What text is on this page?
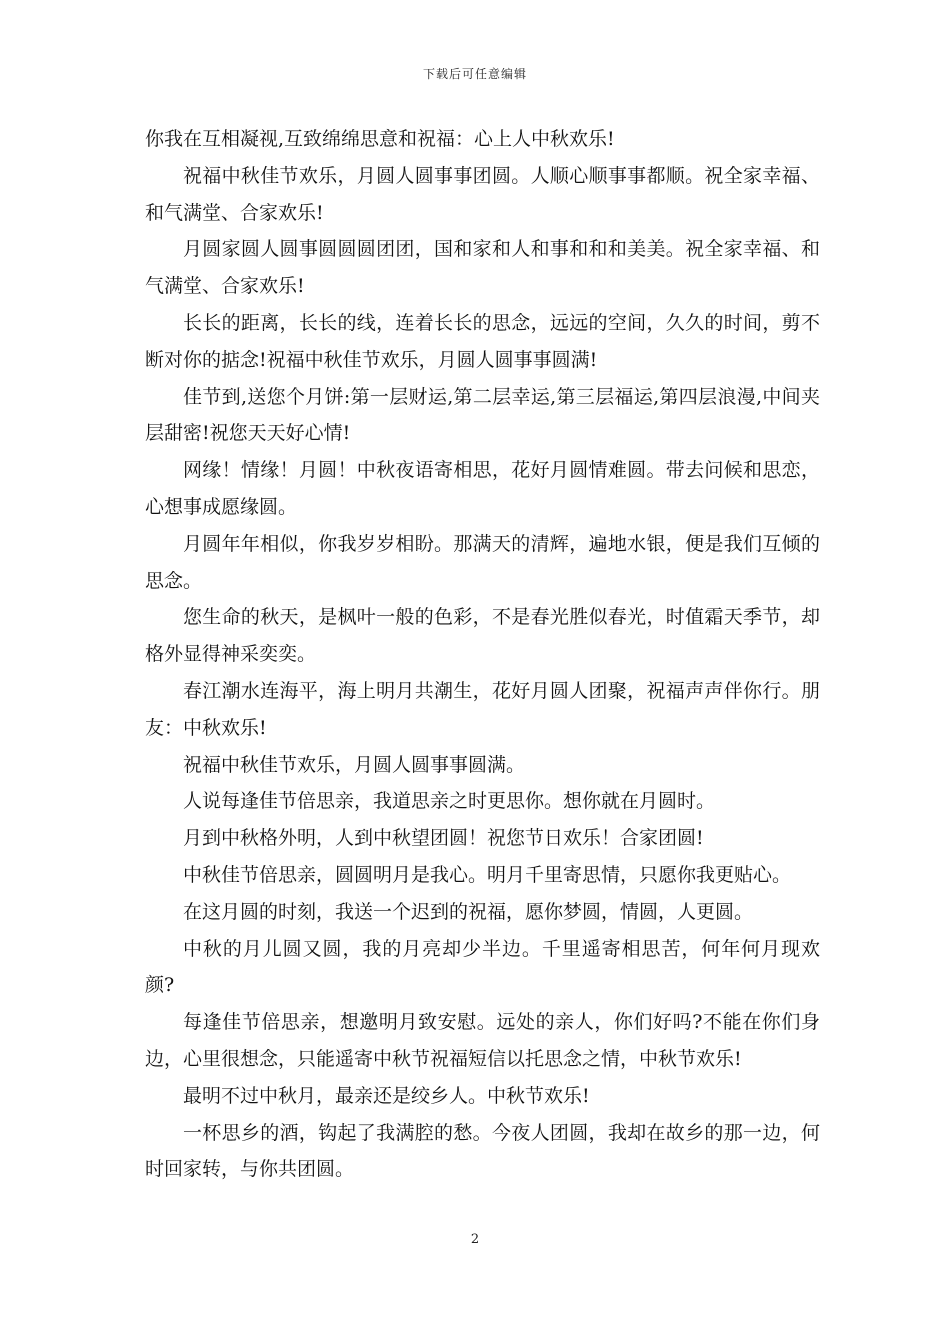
下载后可任意编辑

你我在互相凝视,互致绵绵思意和祝福：心上人中秋欢乐!

祝福中秋佳节欢乐，月圆人圆事事团圆。人顺心顺事事都顺。祝全家幸福、和气满堂、合家欢乐!

月圆家圆人圆事圆圆圆团团，国和家和人和事和和和美美。祝全家幸福、和气满堂、合家欢乐!

长长的距离，长长的线，连着长长的思念，远远的空间，久久的时间，剪不断对你的掂念!祝福中秋佳节欢乐，月圆人圆事事圆满!

佳节到,送您个月饼:第一层财运,第二层幸运,第三层福运,第四层浪漫,中间夹层甜密!祝您天天好心情!

网缘！情缘！月圆！中秋夜语寄相思，花好月圆情难圆。带去问候和思恋，心想事成愿缘圆。

月圆年年相似，你我岁岁相盼。那满天的清辉，遍地水银，便是我们互倾的思念。

您生命的秋天，是枫叶一般的色彩，不是春光胜似春光，时值霜天季节，却格外显得神采奕奕。

春江潮水连海平，海上明月共潮生，花好月圆人团聚，祝福声声伴你行。朋友：中秋欢乐!

祝福中秋佳节欢乐，月圆人圆事事圆满。

人说每逢佳节倍思亲，我道思亲之时更思你。想你就在月圆时。

月到中秋格外明，人到中秋望团圆！祝您节日欢乐！合家团圆!

中秋佳节倍思亲，圆圆明月是我心。明月千里寄思情，只愿你我更贴心。

在这月圆的时刻，我送一个迟到的祝福，愿你梦圆，情圆，人更圆。

中秋的月儿圆又圆，我的月亮却少半边。千里遥寄相思苦，何年何月现欢颜?

每逢佳节倍思亲，想邀明月致安慰。远处的亲人，你们好吗?不能在你们身边，心里很想念，只能遥寄中秋节祝福短信以托思念之情，中秋节欢乐!

最明不过中秋月，最亲还是绞乡人。中秋节欢乐!

一杯思乡的酒，钩起了我满腔的愁。今夜人团圆，我却在故乡的那一边，何时回家转，与你共团圆。

2
